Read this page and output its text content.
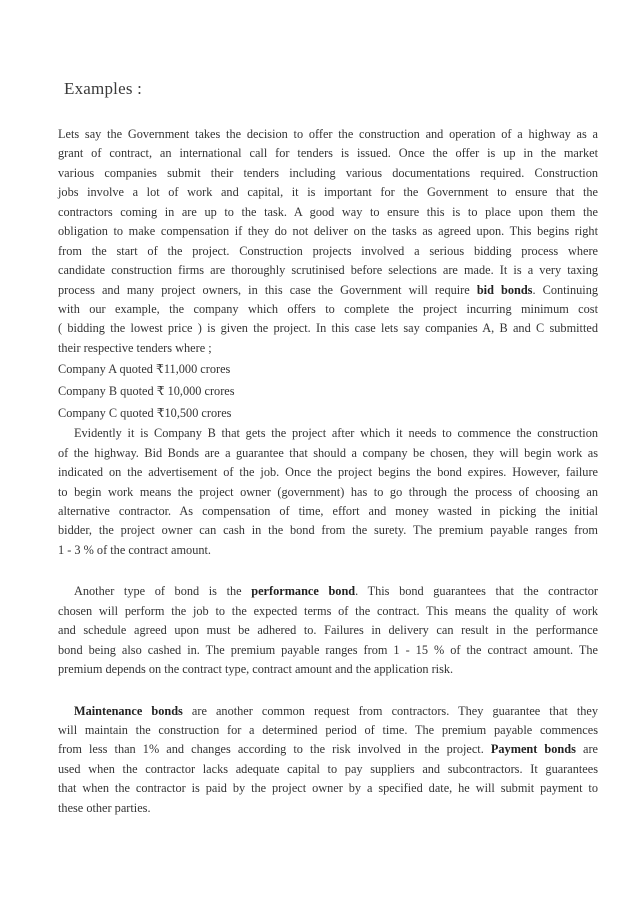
Examples :
Lets say the Government takes the decision to offer the construction and operation of a highway as a
grant of contract, an international call for tenders is issued. Once the offer is up in the market
various companies submit their tenders including various documentations required. Construction
jobs involve a lot of work and capital, it is important for the Government to ensure that the
contractors coming in are up to the task. A good way to ensure this is to place upon them the
obligation to make compensation if they do not deliver on the tasks as agreed upon. This begins right
from the start of the project. Construction projects involved a serious bidding process where
candidate construction firms are thoroughly scrutinised before selections are made. It is a very taxing
process and many project owners, in this case the Government will require bid bonds. Continuing
with our example, the company which offers to complete the project incurring minimum cost
( bidding the lowest price ) is given the project. In this case lets say companies A, B and C submitted
their respective tenders where ;
Company A quoted ₹11,000 crores
Company B quoted ₹ 10,000 crores
Company C quoted ₹10,500 crores
Evidently it is Company B that gets the project after which it needs to commence the construction
of the highway. Bid Bonds are a guarantee that should a company be chosen, they will begin work as
indicated on the advertisement of the job. Once the project begins the bond expires. However, failure
to begin work means the project owner (government) has to go through the process of choosing an
alternative contractor. As compensation of time, effort and money wasted in picking the initial
bidder, the project owner can cash in the bond from the surety. The premium payable ranges from
1 - 3 % of the contract amount.
Another type of bond is the performance bond. This bond guarantees that the contractor
chosen will perform the job to the expected terms of the contract. This means the quality of work
and schedule agreed upon must be adhered to. Failures in delivery can result in the performance
bond being also cashed in. The premium payable ranges from 1 - 15 % of the contract amount. The
premium depends on the contract type, contract amount and the application risk.
Maintenance bonds are another common request from contractors. They guarantee that they
will maintain the construction for a determined period of time. The premium payable commences
from less than 1% and changes according to the risk involved in the project. Payment bonds are
used when the contractor lacks adequate capital to pay suppliers and subcontractors. It guarantees
that when the contractor is paid by the project owner by a specified date, he will submit payment to
these other parties.
